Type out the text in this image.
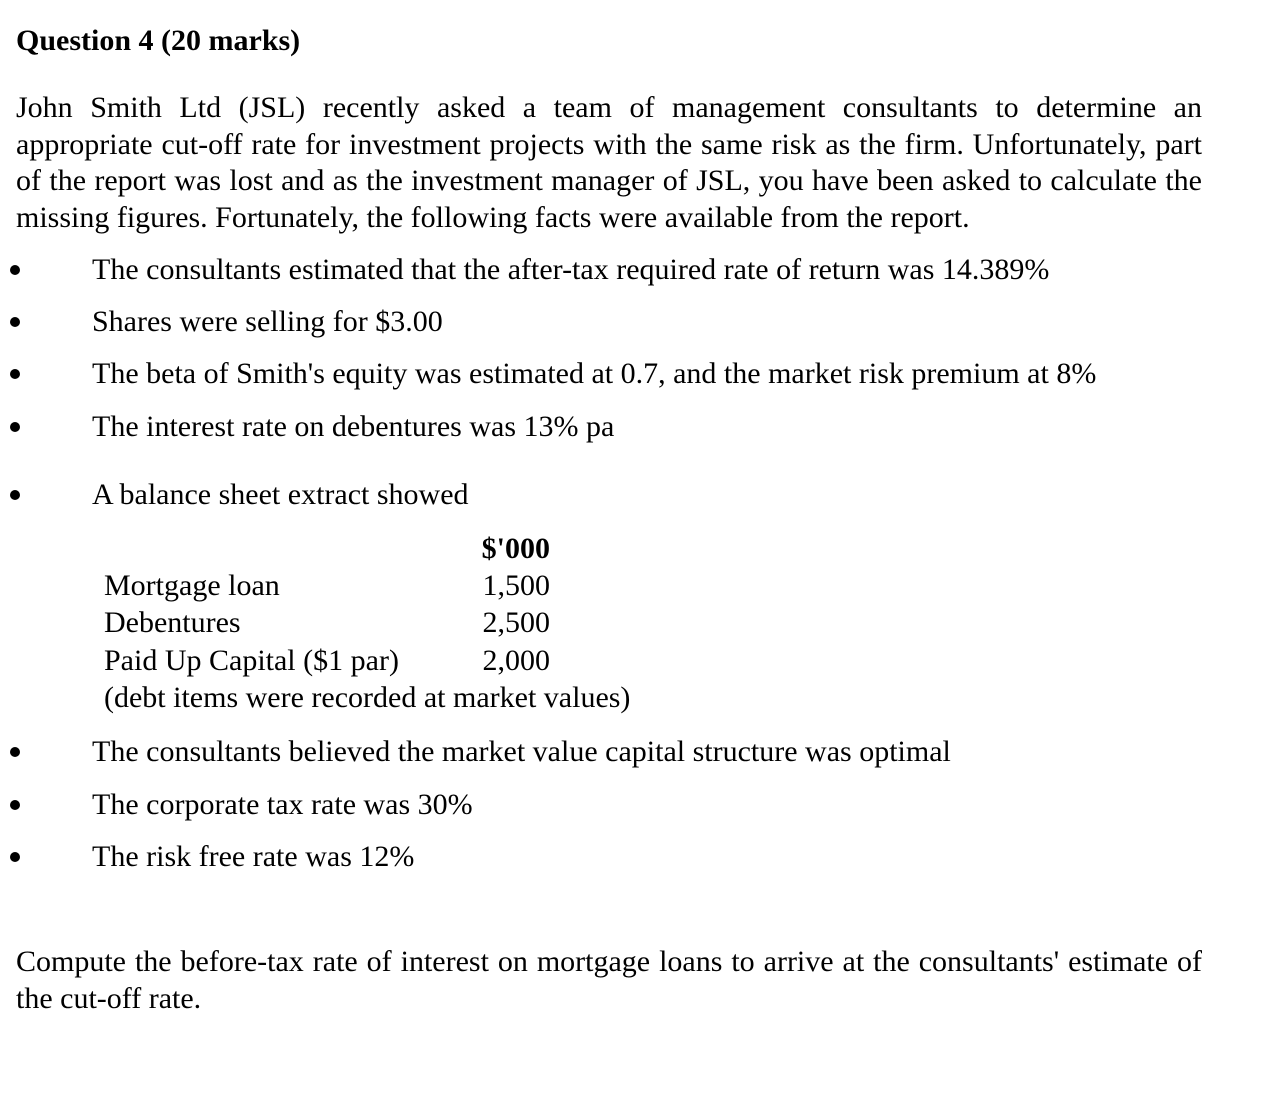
Question 4 (20 marks)

John Smith Ltd (JSL) recently asked a team of management consultants to determine an appropriate cut-off rate for investment projects with the same risk as the firm. Unfortunately, part of the report was lost and as the investment manager of JSL, you have been asked to calculate the missing figures. Fortunately, the following facts were available from the report.

The consultants estimated that the after-tax required rate of return was 14.389%
Shares were selling for $3.00
The beta of Smith's equity was estimated at 0.7, and the market risk premium at 8%
The interest rate on debentures was 13% pa
A balance sheet extract showed
$'000
Mortgage loan	1,500
Debentures	2,500
Paid Up Capital ($1 par)	2,000
(debt items were recorded at market values)
The consultants believed the market value capital structure was optimal
The corporate tax rate was 30%
The risk free rate was 12%

Compute the before-tax rate of interest on mortgage loans to arrive at the consultants' estimate of the cut-off rate.
